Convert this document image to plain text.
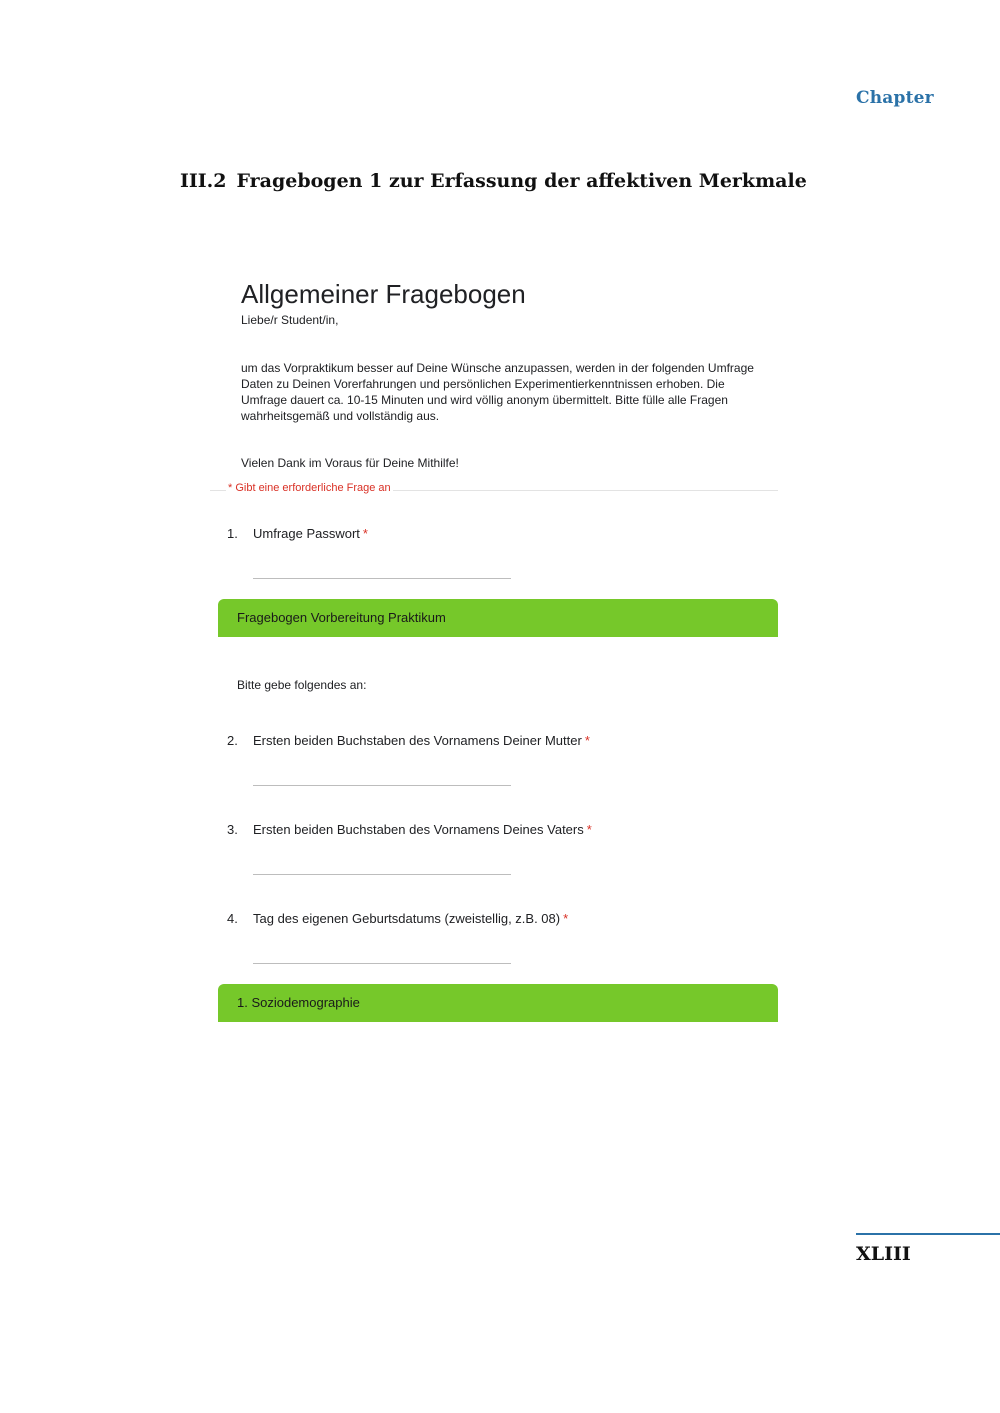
Chapter
III.2 Fragebogen 1 zur Erfassung der affektiven Merkmale
Allgemeiner Fragebogen
Liebe/r Student/in,
um das Vorpraktikum besser auf Deine Wünsche anzupassen, werden in der folgenden Umfrage Daten zu Deinen Vorerfahrungen und persönlichen Experimentierkenntnissen erhoben. Die Umfrage dauert ca. 10-15 Minuten und wird völlig anonym übermittelt. Bitte fülle alle Fragen wahrheitsgemäß und vollständig aus.
Vielen Dank im Voraus für Deine Mithilfe!
* Gibt eine erforderliche Frage an
1. Umfrage Passwort *
Fragebogen Vorbereitung Praktikum
Bitte gebe folgendes an:
2. Ersten beiden Buchstaben des Vornamens Deiner Mutter *
3. Ersten beiden Buchstaben des Vornamens Deines Vaters *
4. Tag des eigenen Geburtsdatums (zweistellig, z.B. 08) *
1. Soziodemographie
XLIII
